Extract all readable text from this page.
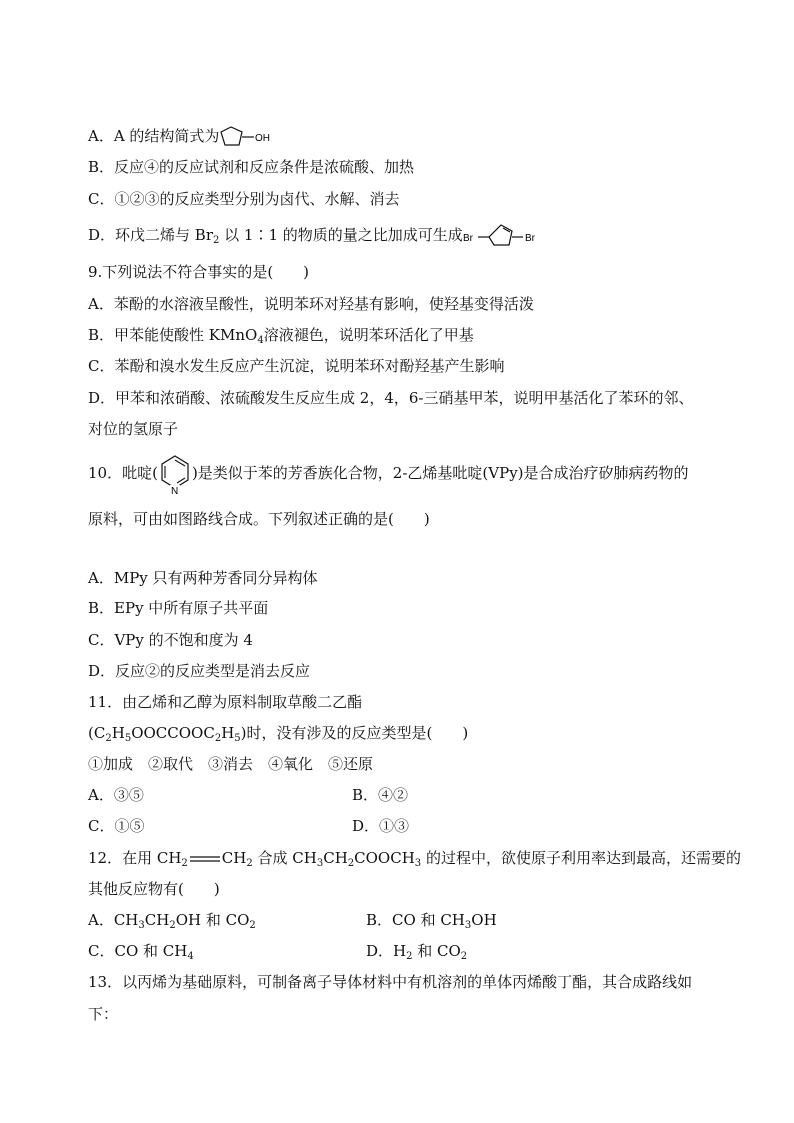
A．A 的结构简式为	OH
B．反应④的反应试剂和反应条件是浓硫酸、加热
C．①②③的反应类型分别为卤代、水解、消去
D．环戊二烯与 $Br_2$ 以 1∶1 的物质的量之比加成可生成 Br	Br
9.下列说法不符合事实的是(　　)
A．苯酚的水溶液呈酸性，说明苯环对羟基有影响，使羟基变得活泼
B．甲苯能使酸性 KMnO$_4$溶液褪色，说明苯环活化了甲基
C．苯酚和溴水发生反应产生沉淀，说明苯环对酚羟基产生影响
D．甲苯和浓硝酸、浓硫酸发生反应生成 2，4，6-三硝基甲苯，说明甲基活化了苯环的邻、
对位的氢原子
10．吡啶(
N
)是类似于苯的芳香族化合物，2-乙烯基吡啶(VPy)是合成治疗矽肺病药物的
原料，可由如图路线合成。下列叙述正确的是(　　)
A．MPy 只有两种芳香同分异构体
B．EPy 中所有原子共平面
C．VPy 的不饱和度为 4
D．反应②的反应类型是消去反应
11．由乙烯和乙醇为原料制取草酸二乙酯
$(C_2H_5OOCCOOC_2H_5)$时，没有涉及的反应类型是(　　)
①加成　②取代　③消去　④氧化　⑤还原
A．③⑤	B．④②
C．①⑤	D．①③
12．在用 $CH_2$ $CH_2$ 合成 $CH_3CH_2COOCH_3$ 的过程中，欲使原子利用率达到最高，还需要的
其他反应物有(　　)
A．$CH_3CH_2OH$ 和 $CO_2$	B．CO 和 $CH_3OH$
C．CO 和 $CH_4$	D．$H_2$ 和 $CO_2$
13．以丙烯为基础原料，可制备离子导体材料中有机溶剂的单体丙烯酸丁酯，其合成路线如
下：
